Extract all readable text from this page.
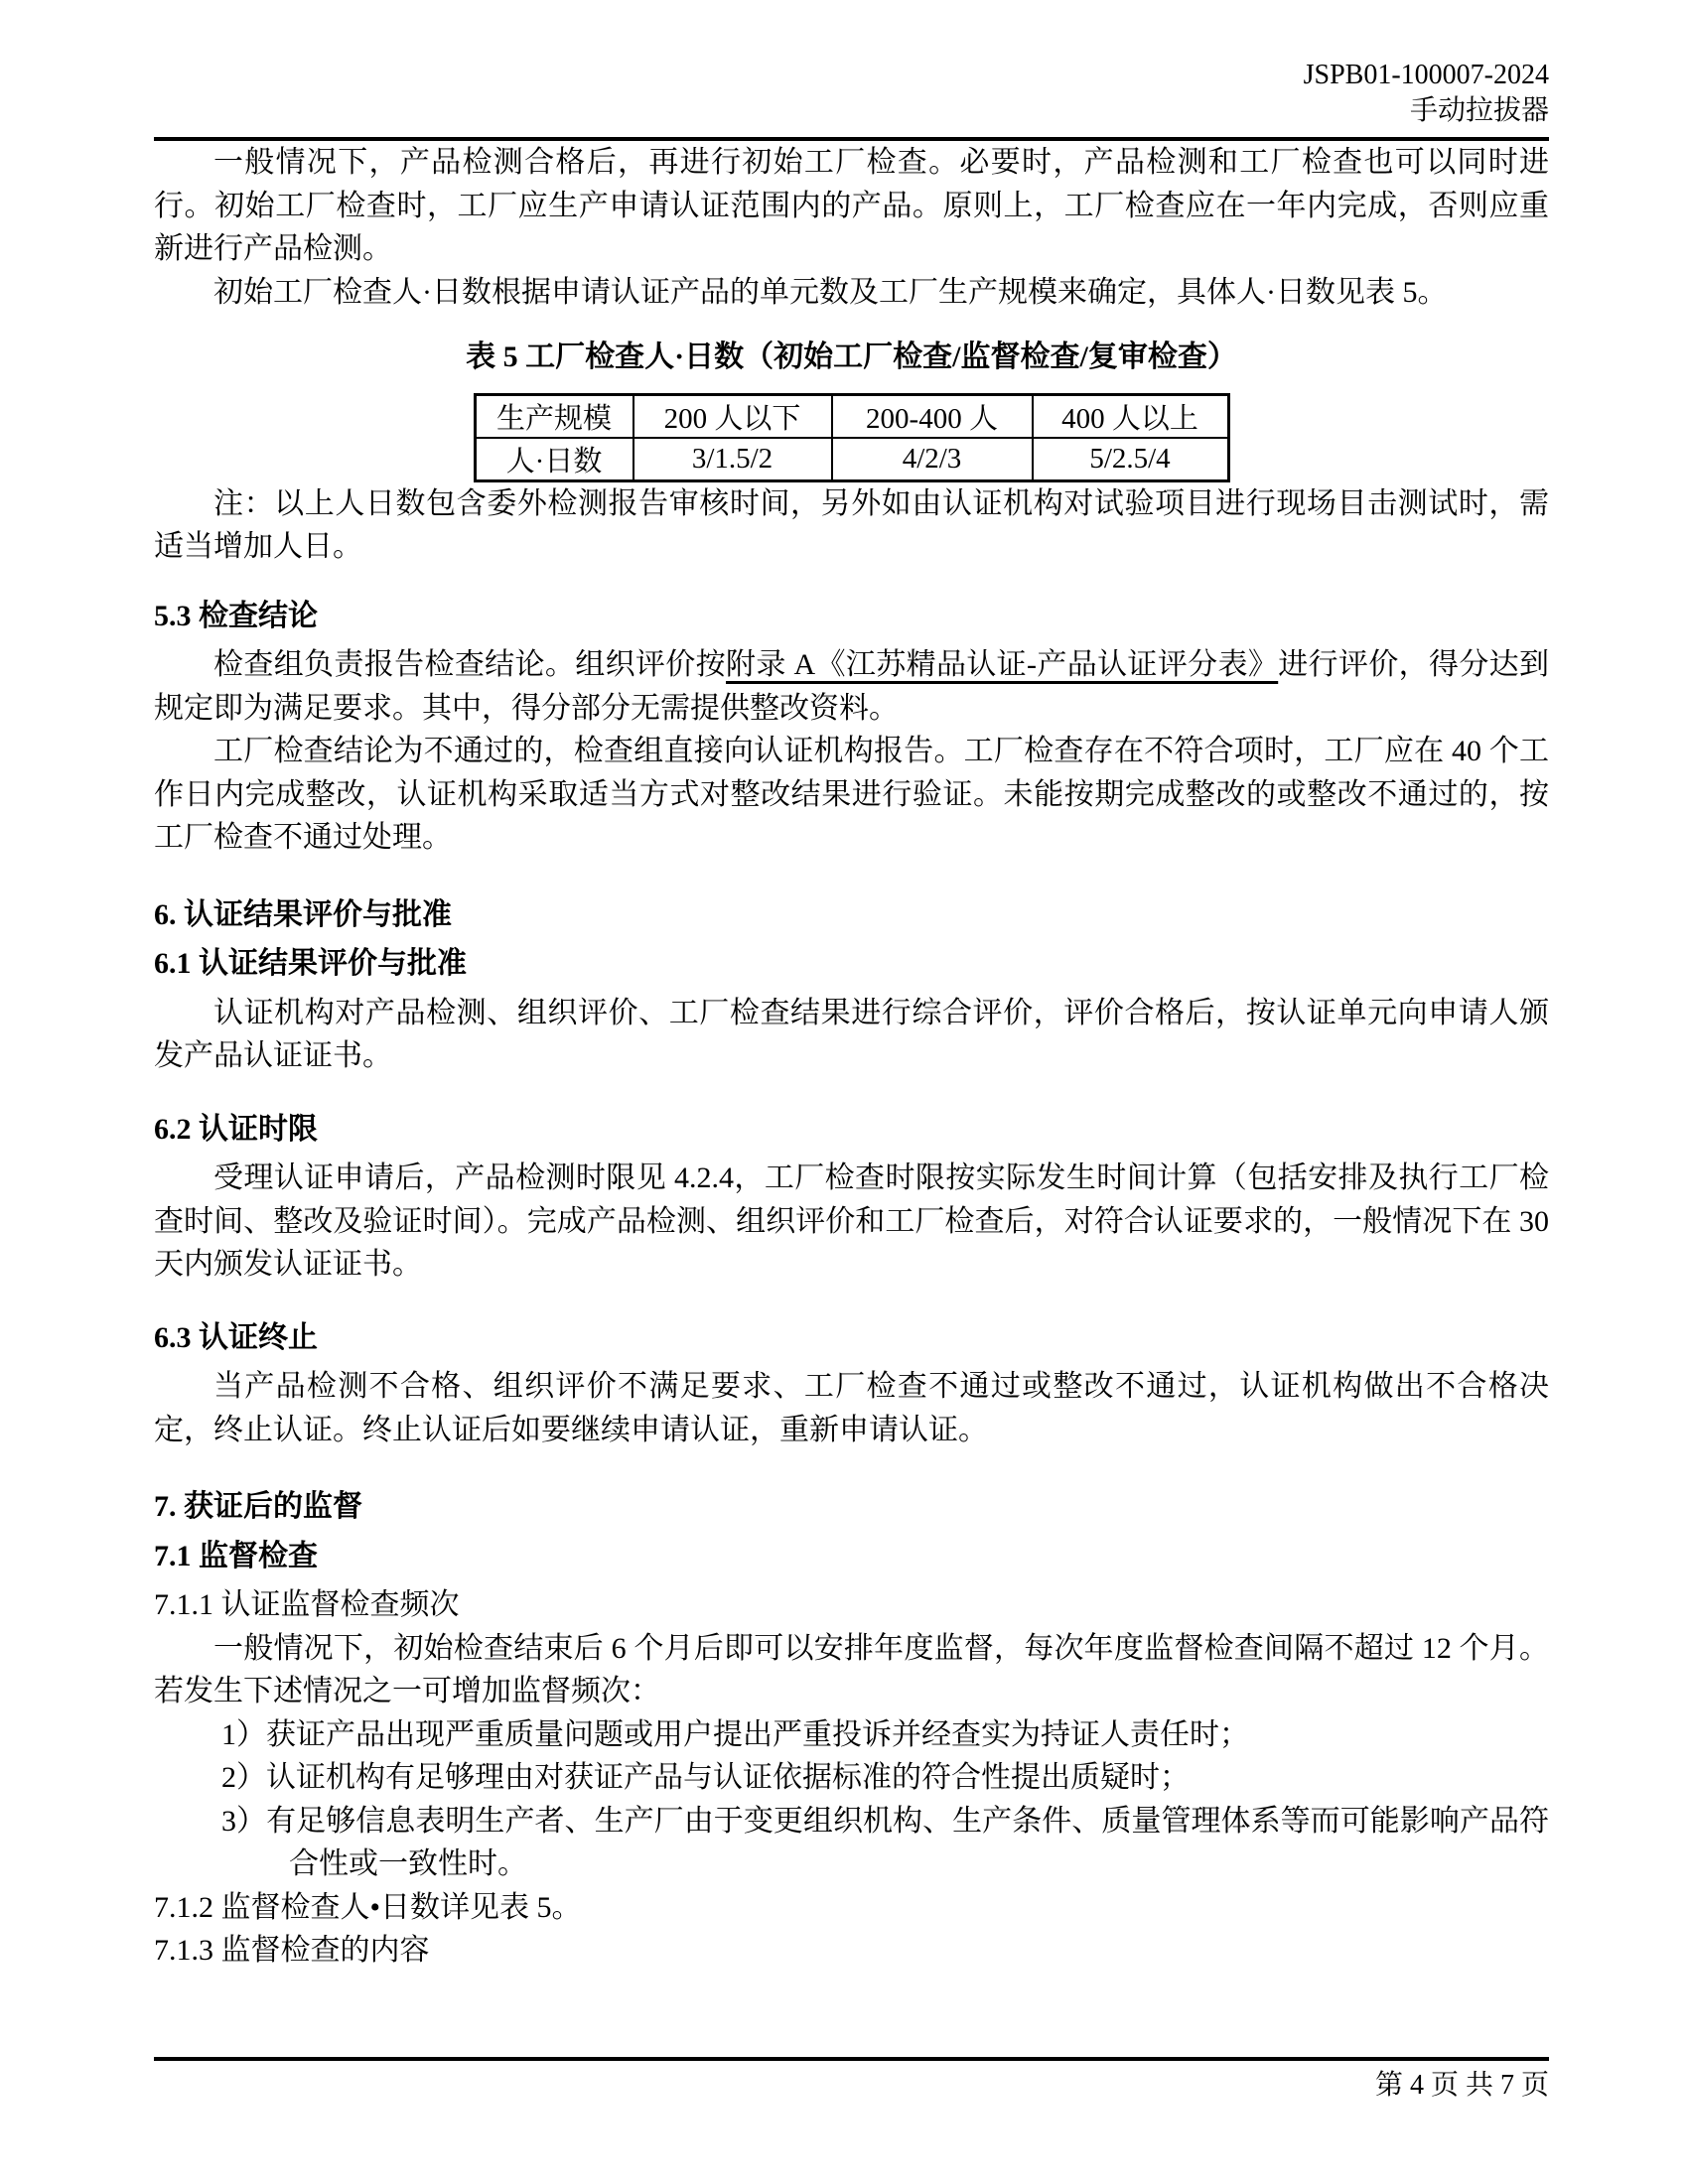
JSPB01-100007-2024
手动拉拔器

一般情况下，产品检测合格后，再进行初始工厂检查。必要时，产品检测和工厂检查也可以同时进行。初始工厂检查时，工厂应生产申请认证范围内的产品。原则上，工厂检查应在一年内完成，否则应重新进行产品检测。

初始工厂检查人·日数根据申请认证产品的单元数及工厂生产规模来确定，具体人·日数见表 5。

表 5 工厂检查人·日数（初始工厂检查/监督检查/复审检查）
生产规模	200 人以下	200-400 人	400 人以上
人·日数	3/1.5/2	4/2/3	5/2.5/4

注：以上人日数包含委外检测报告审核时间，另外如由认证机构对试验项目进行现场目击测试时，需适当增加人日。

5.3 检查结论

检查组负责报告检查结论。组织评价按附录 A《江苏精品认证-产品认证评分表》进行评价，得分达到规定即为满足要求。其中，得分部分无需提供整改资料。

工厂检查结论为不通过的，检查组直接向认证机构报告。工厂检查存在不符合项时，工厂应在 40 个工作日内完成整改，认证机构采取适当方式对整改结果进行验证。未能按期完成整改的或整改不通过的，按工厂检查不通过处理。

6. 认证结果评价与批准

6.1 认证结果评价与批准

认证机构对产品检测、组织评价、工厂检查结果进行综合评价，评价合格后，按认证单元向申请人颁发产品认证证书。

6.2 认证时限

受理认证申请后，产品检测时限见 4.2.4，工厂检查时限按实际发生时间计算（包括安排及执行工厂检查时间、整改及验证时间）。完成产品检测、组织评价和工厂检查后，对符合认证要求的，一般情况下在 30 天内颁发认证证书。

6.3 认证终止

当产品检测不合格、组织评价不满足要求、工厂检查不通过或整改不通过，认证机构做出不合格决定，终止认证。终止认证后如要继续申请认证，重新申请认证。

7. 获证后的监督

7.1 监督检查

7.1.1 认证监督检查频次

一般情况下，初始检查结束后 6 个月后即可以安排年度监督，每次年度监督检查间隔不超过 12 个月。若发生下述情况之一可增加监督频次：

1）获证产品出现严重质量问题或用户提出严重投诉并经查实为持证人责任时；

2）认证机构有足够理由对获证产品与认证依据标准的符合性提出质疑时；

3）有足够信息表明生产者、生产厂由于变更组织机构、生产条件、质量管理体系等而可能影响产品符合性或一致性时。

7.1.2 监督检查人•日数详见表 5。

7.1.3 监督检查的内容

第 4 页 共 7 页
